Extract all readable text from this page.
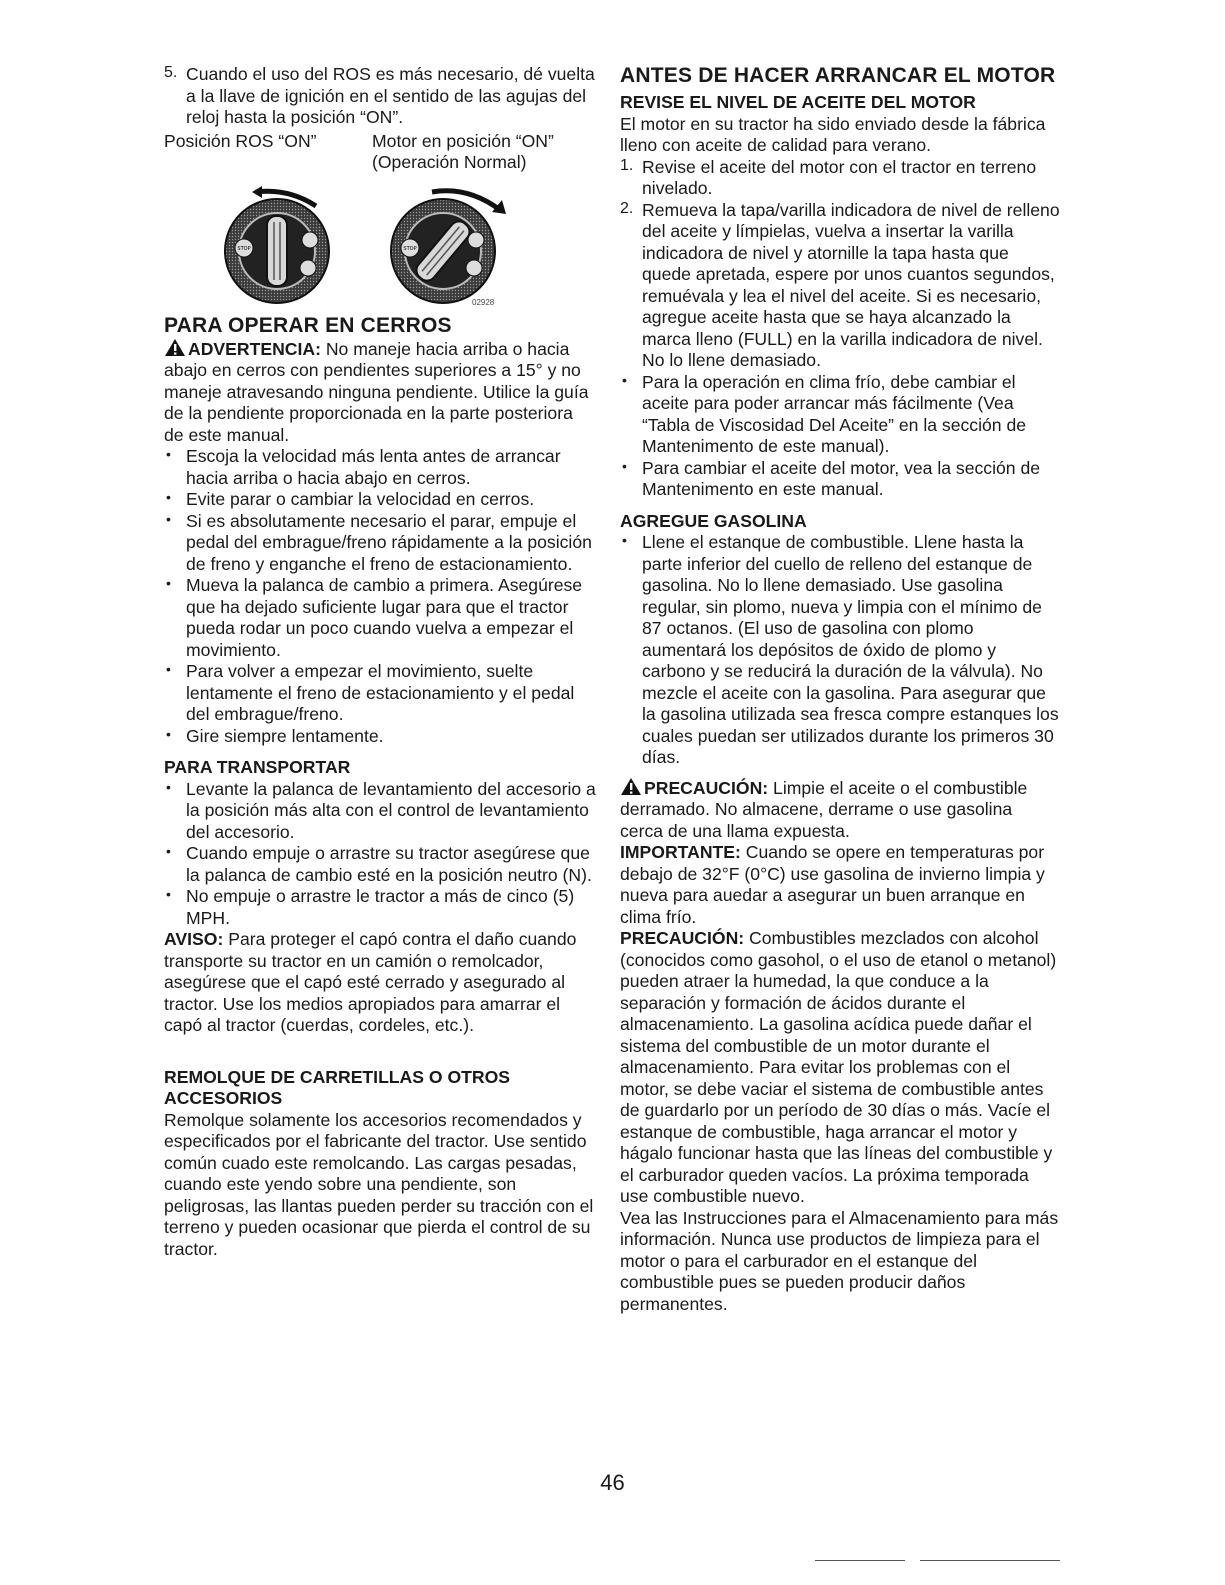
5. Cuando el uso del ROS es más necesario, dé vuelta a la llave de ignición en el sentido de las agujas del reloj hasta la posición “ON”.

Posición ROS “ON”	Motor en posición “ON”

(Operación Normal)

STOP	STOP
02928
PARA OPERAR EN CERROS

ADVERTENCIA: No maneje hacia arriba o hacia abajo en cerros con pendientes superiores a 15° y no maneje atravesando ninguna pendiente. Utilice la guía de la pendiente proporcionada en la parte posteriora de este manual.

• Escoja la velocidad más lenta antes de arrancar hacia arriba o hacia abajo en cerros.

• Evite parar o cambiar la velocidad en cerros.

• Si es absolutamente necesario el parar, empuje el pedal del embrague/freno rápidamente a la posición de freno y enganche el freno de estacionamiento.

• Mueva la palanca de cambio a primera. Asegúrese que ha dejado suficiente lugar para que el tractor pueda rodar un poco cuando vuelva a empezar el movimiento.

• Para volver a empezar el movimiento, suelte lentamente el freno de estacionamiento y el pedal del embrague/freno.

• Gire siempre lentamente.

PARA TRANSPORTAR
• Levante la palanca de levantamiento del accesorio a la posición más alta con el control de levantamiento del accesorio.

• Cuando empuje o arrastre su tractor asegúrese que la palanca de cambio esté en la posición neutro (N).

• No empuje o arrastre le tractor a más de cinco (5) MPH.

AVISO: Para proteger el capó contra el daño cuando transporte su tractor en un camión o remolcador, asegúrese que el capó esté cerrado y asegurado al tractor. Use los medios apropiados para amarrar el capó al tractor (cuerdas, cordeles, etc.).

REMOLQUE DE CARRETILLAS O OTROS ACCESORIOS

Remolque solamente los accesorios recomendados y especificados por el fabricante del tractor. Use sentido común cuado este remolcando. Las cargas pesadas, cuando este yendo sobre una pendiente, son peligrosas, las llantas pueden perder su tracción con el terreno y pueden ocasionar que pierda el control de su tractor.

ANTES DE HACER ARRANCAR EL MOTOR
REVISE EL NIVEL DE ACEITE DEL MOTOR

El motor en su tractor ha sido enviado desde la fábrica lleno con aceite de calidad para verano.

1. Revise el aceite del motor con el tractor en terreno nivelado.

2. Remueva la tapa/varilla indicadora de nivel de relleno del aceite y límpielas, vuelva a insertar la varilla indicadora de nivel y atornille la tapa hasta que quede apretada, espere por unos cuantos segundos, remuévala y lea el nivel del aceite. Si es necesario, agregue aceite hasta que se haya alcanzado la marca lleno (FULL) en la varilla indicadora de nivel. No lo llene demasiado.

• Para la operación en clima frío, debe cambiar el aceite para poder arrancar más fácilmente (Vea “Tabla de Viscosidad Del Aceite” en la sección de Mantenimento de este manual).

• Para cambiar el aceite del motor, vea la sección de Mantenimento en este manual.

AGREGUE GASOLINA
• Llene el estanque de combustible. Llene hasta la parte inferior del cuello de relleno del estanque de gasolina. No lo llene demasiado. Use gasolina regular, sin plomo, nueva y limpia con el mínimo de 87 octanos. (El uso de gasolina con plomo aumentará los depósitos de óxido de plomo y carbono y se reducirá la duración de la válvula). No mezcle el aceite con la gasolina. Para asegurar que la gasolina utilizada sea fresca compre estanques los cuales puedan ser utilizados durante los primeros 30 días.

PRECAUCIÓN: Limpie el aceite o el combustible derramado. No almacene, derrame o use gasolina cerca de una llama expuesta.

IMPORTANTE: Cuando se opere en temperaturas por debajo de 32°F (0°C) use gasolina de invierno limpia y nueva para auedar a asegurar un buen arranque en clima frío.

PRECAUCIÓN: Combustibles mezclados con alcohol (conocidos como gasohol, o el uso de etanol o metanol) pueden atraer la humedad, la que conduce a la separación y formación de ácidos durante el almacenamiento. La gasolina acídica puede dañar el sistema del combustible de un motor durante el almacenamiento. Para evitar los problemas con el motor, se debe vaciar el sistema de combustible antes de guardarlo por un período de 30 días o más. Vacíe el estanque de combustible, haga arrancar el motor y hágalo funcionar hasta que las líneas del combustible y el carburador queden vacíos. La próxima temporada use combustible nuevo.

Vea las Instrucciones para el Almacenamiento para más información. Nunca use productos de limpieza para el motor o para el carburador en el estanque del combustible pues se pueden producir daños permanentes.

46
